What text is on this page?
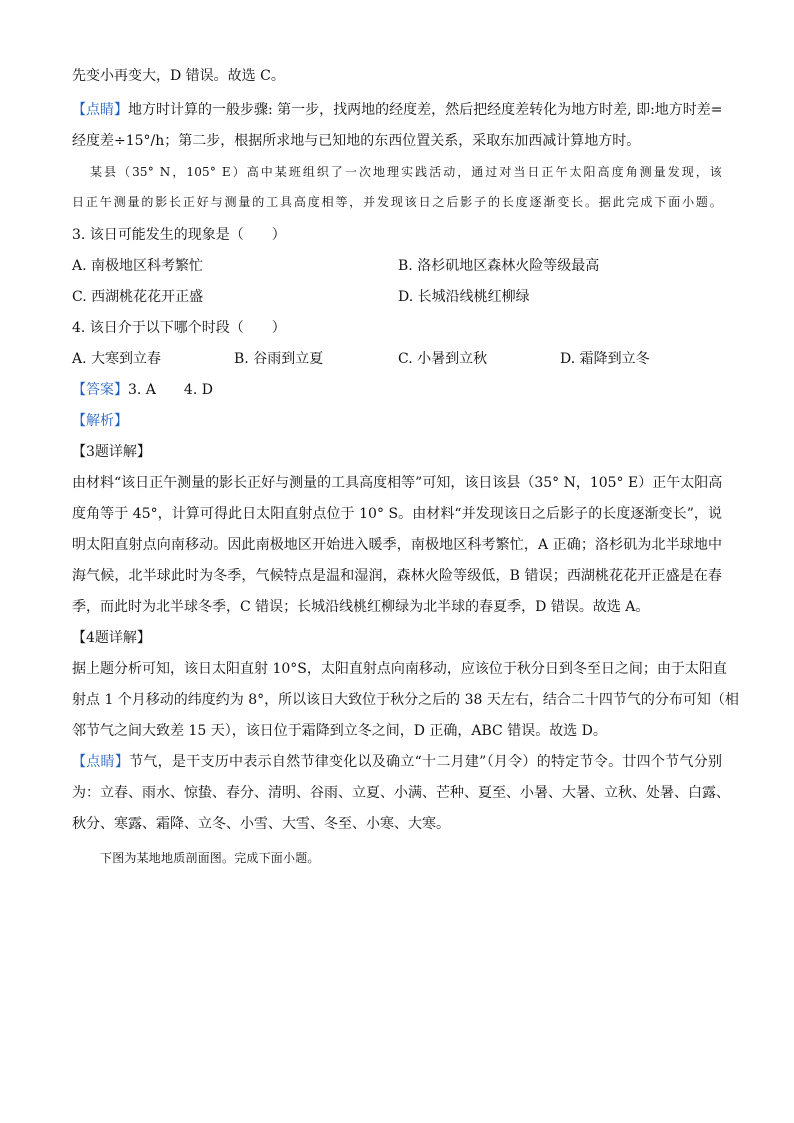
先变小再变大，D 错误。故选 C。
【点睛】地方时计算的一般步骤: 第一步，找两地的经度差，然后把经度差转化为地方时差, 即:地方时差=
经度差÷15°/h；第二步，根据所求地与已知地的东西位置关系，采取东加西减计算地方时。
某县（35° N，105° E）高中某班组织了一次地理实践活动，通过对当日正午太阳高度角测量发现，该
日正午测量的影长正好与测量的工具高度相等，并发现该日之后影子的长度逐渐变长。据此完成下面小题。
3. 该日可能发生的现象是（　　）
A. 南极地区科考繁忙	B. 洛杉矶地区森林火险等级最高
C. 西湖桃花花开正盛	D. 长城沿线桃红柳绿
4. 该日介于以下哪个时段（　　）
A. 大寒到立春	B. 谷雨到立夏	C. 小暑到立秋	D. 霜降到立冬
【答案】3. A　　4. D
【解析】
【3题详解】
由材料“该日正午测量的影长正好与测量的工具高度相等”可知，该日该县（35° N，105° E）正午太阳高
度角等于 45°，计算可得此日太阳直射点位于 10° S。由材料“并发现该日之后影子的长度逐渐变长”，说
明太阳直射点向南移动。因此南极地区开始进入暖季，南极地区科考繁忙，A 正确；洛杉矶为北半球地中
海气候，北半球此时为冬季，气候特点是温和湿润，森林火险等级低，B 错误；西湖桃花花开正盛是在春
季，而此时为北半球冬季，C 错误；长城沿线桃红柳绿为北半球的春夏季，D 错误。故选 A。
【4题详解】
据上题分析可知，该日太阳直射 10°S，太阳直射点向南移动，应该位于秋分日到冬至日之间；由于太阳直
射点 1 个月移动的纬度约为 8°，所以该日大致位于秋分之后的 38 天左右，结合二十四节气的分布可知（相
邻节气之间大致差 15 天），该日位于霜降到立冬之间，D 正确，ABC 错误。故选 D。
【点睛】节气，是干支历中表示自然节律变化以及确立“十二月建”（月令）的特定节令。廿四个节气分别
为：立春、雨水、惊蛰、春分、清明、谷雨、立夏、小满、芒种、夏至、小暑、大暑、立秋、处暑、白露、
秋分、寒露、霜降、立冬、小雪、大雪、冬至、小寒、大寒。
下图为某地地质剖面图。完成下面小题。
